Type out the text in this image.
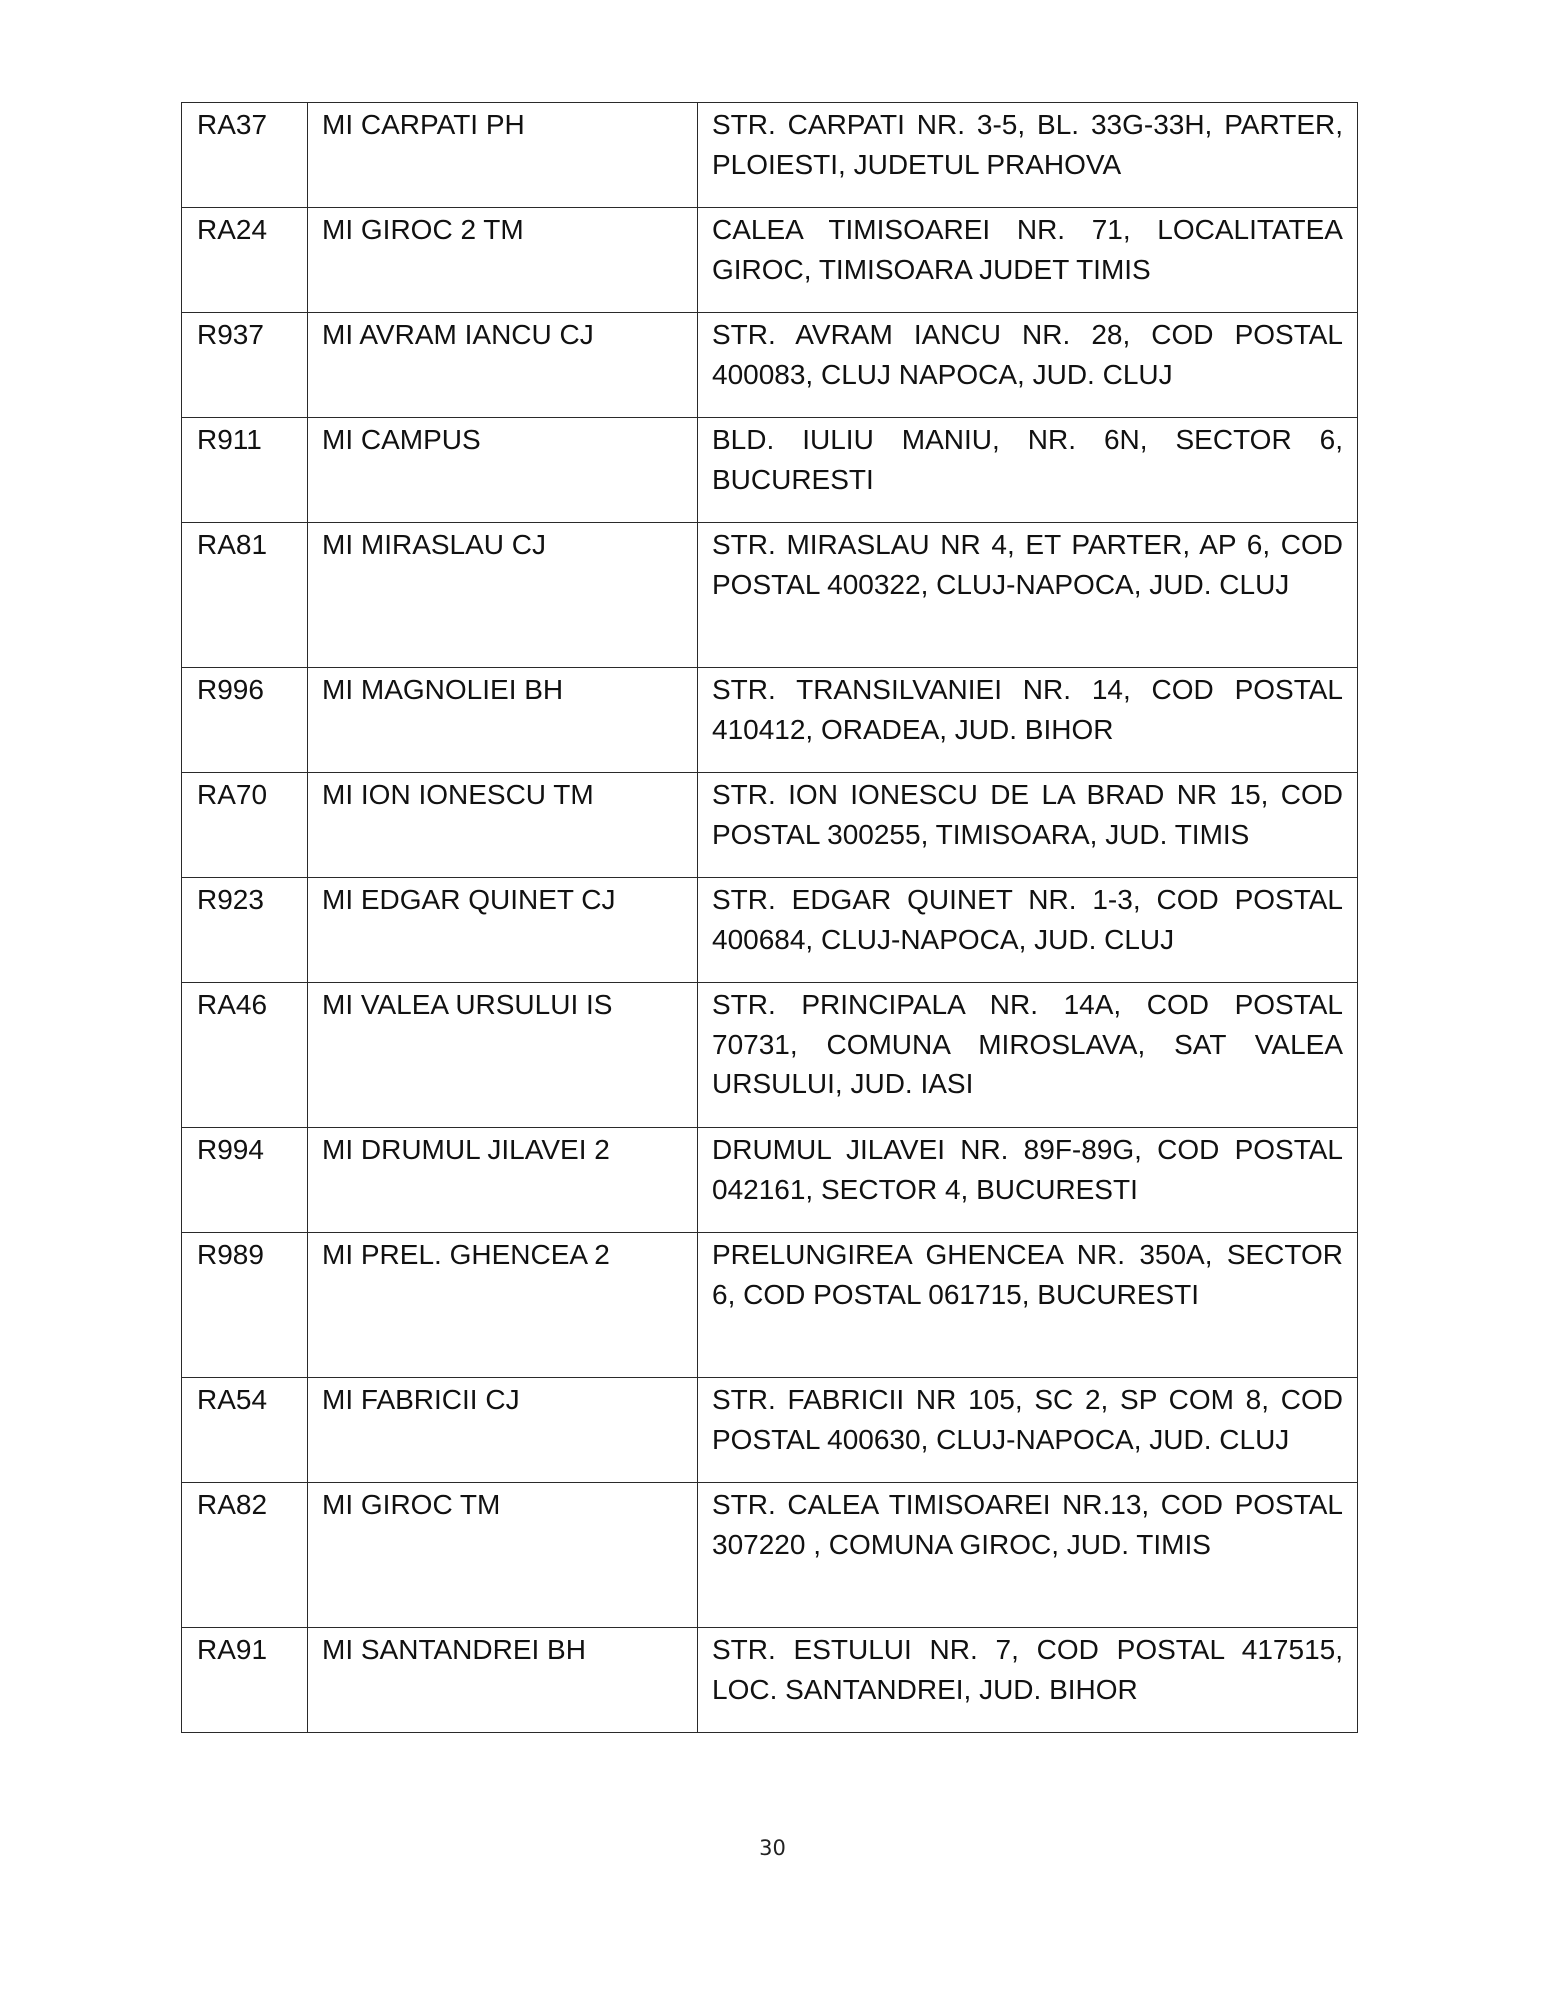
RA37	MI CARPATI PH	STR. CARPATI NR. 3-5, BL. 33G-33H, PARTER, PLOIESTI, JUDETUL PRAHOVA
RA24	MI GIROC 2 TM	CALEA TIMISOAREI NR. 71, LOCALITATEA GIROC, TIMISOARA JUDET TIMIS
R937	MI AVRAM IANCU CJ	STR. AVRAM IANCU NR. 28, COD POSTAL 400083, CLUJ NAPOCA, JUD. CLUJ
R911	MI CAMPUS	BLD. IULIU MANIU, NR. 6N, SECTOR 6, BUCURESTI
RA81	MI MIRASLAU CJ	STR. MIRASLAU NR 4, ET PARTER, AP 6, COD POSTAL 400322, CLUJ-NAPOCA, JUD. CLUJ
R996	MI MAGNOLIEI BH	STR. TRANSILVANIEI NR. 14, COD POSTAL 410412, ORADEA, JUD. BIHOR
RA70	MI ION IONESCU TM	STR. ION IONESCU DE LA BRAD NR 15, COD POSTAL 300255, TIMISOARA, JUD. TIMIS
R923	MI EDGAR QUINET CJ	STR. EDGAR QUINET NR. 1-3, COD POSTAL 400684, CLUJ-NAPOCA, JUD. CLUJ
RA46	MI VALEA URSULUI IS	STR. PRINCIPALA NR. 14A, COD POSTAL 70731, COMUNA MIROSLAVA, SAT VALEA URSULUI, JUD. IASI
R994	MI DRUMUL JILAVEI 2	DRUMUL JILAVEI NR. 89F-89G, COD POSTAL 042161, SECTOR 4, BUCURESTI
R989	MI PREL. GHENCEA 2	PRELUNGIREA GHENCEA NR. 350A, SECTOR 6, COD POSTAL 061715, BUCURESTI
RA54	MI FABRICII CJ	STR. FABRICII NR 105, SC 2, SP COM 8, COD POSTAL 400630, CLUJ-NAPOCA, JUD. CLUJ
RA82	MI GIROC TM	STR. CALEA TIMISOAREI NR.13, COD POSTAL 307220 , COMUNA GIROC, JUD. TIMIS
RA91	MI SANTANDREI BH	STR. ESTULUI NR. 7, COD POSTAL 417515, LOC. SANTANDREI, JUD. BIHOR
30
